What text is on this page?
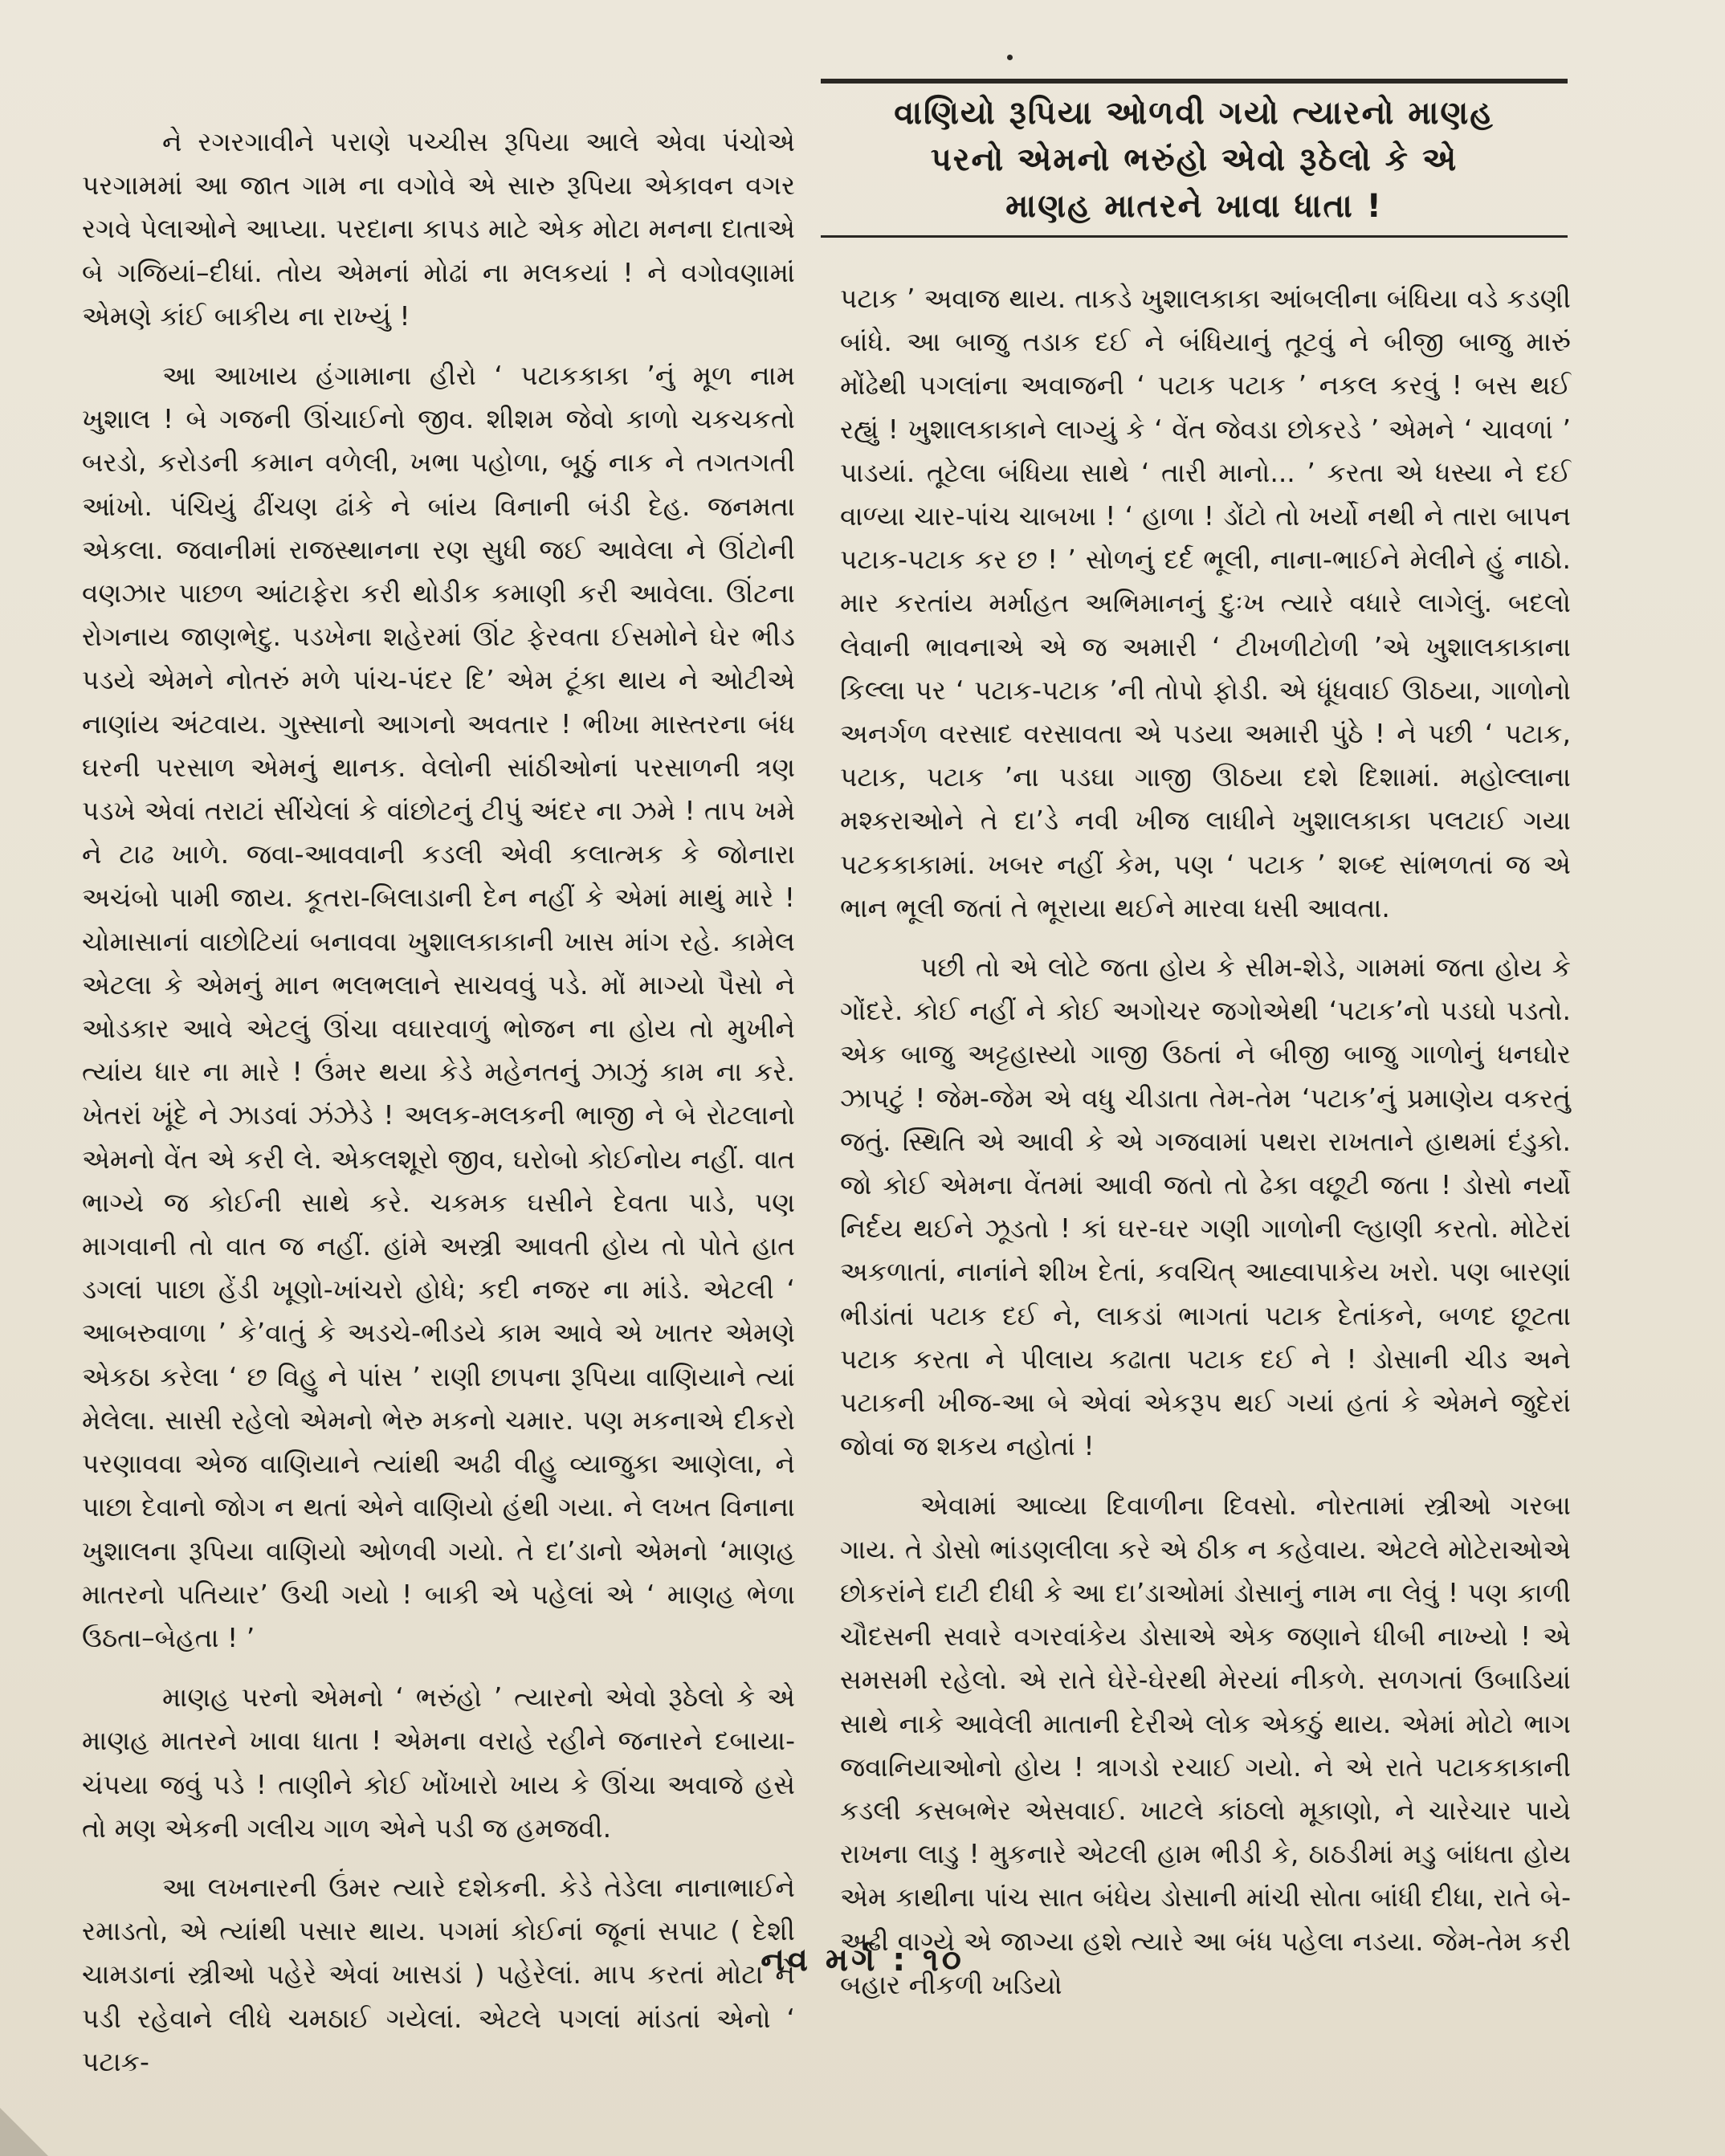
ને રગરગાવીને પરાણે પચ્ચીસ રૂપિયા આલે એવા પંચોએ પરગામમાં આ જાત ગામ ના વગોવે એ સારુ રૂપિયા એકાવન વગર રગવે પેલાઓને આપ્યા. પરદાના કાપડ માટે એક મોટા મનના દાતાએ બે ગજિયાં–દીધાં. તોય એમનાં મોઢાં ના મલકયાં ! ને વગોવણામાં એમણે કાંઈ બાકીય ના રાખ્યું !

આ આખાય હંગામાના હીરો ‘ પટાકકાકા ’નું મૂળ નામ ખુશાલ ! બે ગજની ઊંચાઈનો જીવ. શીશમ જેવો કાળો ચકચકતો બરડો, કરોડની કમાન વળેલી, ખભા પહોળા, બૂઠું નાક ને તગતગતી આંખો. પંચિયું ઢીંચણ ઢાંકે ને બાંય વિનાની બંડી દેહ. જનમતા એકલા. જવાનીમાં રાજસ્થાનના રણ સુધી જઈ આવેલા ને ઊંટોની વણઝાર પાછળ આંટાફેરા કરી થોડીક કમાણી કરી આવેલા. ઊંટના રોગનાય જાણભેદુ. પડખેના શહેરમાં ઊંટ ફેરવતા ઈસમોને ઘેર ભીડ પડયે એમને નોતરું મળે પાંચ-પંદર દિ’ એમ ટૂંકા થાય ને ઓટીએ નાણાંય અંટવાય. ગુસ્સાનો આગનો અવતાર ! ભીખા માસ્તરના બંધ ઘરની પરસાળ એમનું થાનક. વેલોની સાંઠીઓનાં પરસાળની ત્રણ પડખે એવાં તરાટાં સીંચેલાં કે વાંછોટનું ટીપું અંદર ના ઝમે ! તાપ ખમે ને ટાઢ ખાળે. જવા-આવવાની કડલી એવી કલાત્મક કે જોનારા અચંબો પામી જાય. કૂતરા-બિલાડાની દેન નહીં કે એમાં માથું મારે ! ચોમાસાનાં વાછોટિયાં બનાવવા ખુશાલકાકાની ખાસ માંગ રહે. કામેલ એટલા કે એમનું માન ભલભલાને સાચવવું પડે. મોં માગ્યો પૈસો ને ઓડકાર આવે એટલું ઊંચા વઘારવાળું ભોજન ના હોય તો મુખીને ત્યાંય ધાર ના મારે ! ઉંમર થયા કેડે મહેનતનું ઝાઝું કામ ના કરે. ખેતરાં ખૂંદે ને ઝાડવાં ઝંઝેડે ! અલક-મલકની ભાજી ને બે રોટલાનો એમનો વેંત એ કરી લે. એકલશૂરો જીવ, ઘરોબો કોઈનોય નહીં. વાત ભાગ્યે જ કોઈની સાથે કરે. ચકમક ઘસીને દેવતા પાડે, પણ માગવાની તો વાત જ નહીં. હાંમે અસ્ત્રી આવતી હોય તો પોતે હાત ડગલાં પાછા હેંડી ખૂણો-ખાંચરો હોધે; કદી નજર ના માંડે. એટલી ‘ આબરુવાળા ’ કે’વાતું કે અડચે-ભીડયે કામ આવે એ ખાતર એમણે એકઠા કરેલા ‘ છ વિહુ ને પાંસ ’ રાણી છાપના રૂપિયા વાણિયાને ત્યાં મેલેલા. સાસી રહેલો એમનો ભેરુ મકનો ચમાર. પણ મકનાએ દીકરો પરણાવવા એજ વાણિયાને ત્યાંથી અઢી વીહુ વ્યાજુકા આણેલા, ને પાછા દેવાનો જોગ ન થતાં એને વાણિયો હંથી ગયા. ને લખત વિનાના ખુશાલના રૂપિયા વાણિયો ઓળવી ગયો. તે દા’ડાનો એમનો ‘માણહ માતરનો પતિયાર’ ઉચી ગયો ! બાકી એ પહેલાં એ ‘ માણહ ભેળા ઉઠતા–બેહતા ! ’

માણહ પરનો એમનો ‘ ભરુંહો ’ ત્યારનો એવો રૂઠેલો કે એ માણહ માતરને ખાવા ધાતા ! એમના વરાહે રહીને જનારને દબાયા-ચંપયા જવું પડે ! તાણીને કોઈ ખોંખારો ખાય કે ઊંચા અવાજે હસે તો મણ એકની ગલીચ ગાળ એને પડી જ હમજવી.

આ લખનારની ઉંમર ત્યારે દશેકની. કેડે તેડેલા નાનાભાઈને રમાડતો, એ ત્યાંથી પસાર થાય. પગમાં કોઈનાં જૂનાં સપાટ ( દેશી ચામડાનાં સ્ત્રીઓ પહેરે એવાં ખાસડાં ) પહેરેલાં. માપ કરતાં મોટા ને પડી રહેવાને લીધે ચમઠાઈ ગયેલાં. એટલે પગલાં માંડતાં એનો ‘ પટાક-

વાણિયો રૂપિયા ઓળવી ગયો ત્યારનો માણહ
પરનો એમનો ભરુંહો એવો રૂઠેલો કે એ
માણહ માતરને ખાવા ધાતા !

પટાક ’ અવાજ થાય. તાકડે ખુશાલકાકા આંબલીના બંધિયા વડે કડણી બાંધે. આ બાજુ તડાક દઈ ને બંધિયાનું તૂટવું ને બીજી બાજુ મારું મોંઢેથી પગલાંના અવાજની ‘ પટાક પટાક ’ નકલ કરવું ! બસ થઈ રહ્યું ! ખુશાલકાકાને લાગ્યું કે ‘ વેંત જેવડા છોકરડે ’ એમને ‘ ચાવળાં ’ પાડયાં. તૂટેલા બંધિયા સાથે ‘ તારી માનો... ’ કરતા એ ધસ્યા ને દઈ વાળ્યા ચાર-પાંચ ચાબખા ! ‘ હાળા ! ડોંટો તો ખર્યો નથી ને તારા બાપન પટાક-પટાક કર છ ! ’ સોળનું દર્દ ભૂલી, નાના-ભાઈને મેલીને હું નાઠો. માર કરતાંય મર્માહત અભિમાનનું દુઃખ ત્યારે વધારે લાગેલું. બદલો લેવાની ભાવનાએ એ જ અમારી ‘ ટીખળીટોળી ’એ ખુશાલકાકાના કિલ્લા પર ‘ પટાક-પટાક ’ની તોપો ફોડી. એ ધૂંધવાઈ ઊઠયા, ગાળોનો અનર્ગળ વરસાદ વરસાવતા એ પડયા અમારી પુંઠે ! ને પછી ‘ પટાક, પટાક, પટાક ’ના પડઘા ગાજી ઊઠયા દશે દિશામાં. મહોલ્લાના મશ્કરાઓને તે દા’ડે નવી ખીજ લાધીને ખુશાલકાકા પલટાઈ ગયા પટકકાકામાં. ખબર નહીં કેમ, પણ ‘ પટાક ’ શબ્દ સાંભળતાં જ એ ભાન ભૂલી જતાં તે ભૂરાયા થઈને મારવા ધસી આવતા.

પછી તો એ લોટે જતા હોય કે સીમ-શેડે, ગામમાં જતા હોય કે ગોંદરે. કોઈ નહીં ને કોઈ અગોચર જગોએથી ‘પટાક’નો પડઘો પડતો. એક બાજુ અટ્ટહાસ્યો ગાજી ઉઠતાં ને બીજી બાજુ ગાળોનું ધનઘોર ઝાપટું ! જેમ-જેમ એ વધુ ચીડાતા તેમ-તેમ ‘પટાક’નું પ્રમાણેય વકરતું જતું. સ્થિતિ એ આવી કે એ ગજવામાં પથરા રાખતાને હાથમાં દંડુકો. જો કોઈ એમના વેંતમાં આવી જતો તો ઢેકા વછૂટી જતા ! ડોસો નર્યો નિર્દય થઈને ઝૂડતો ! કાં ઘર-ઘર ગણી ગાળોની લ્હાણી કરતો. મોટેરાં અકળાતાં, નાનાંને શીખ દેતાં, કવચિત્ આહ્વાપાકેય ખરો. પણ બારણાં ભીડાંતાં પટાક દઈ ને, લાકડાં ભાગતાં પટાક દેતાંકને, બળદ છૂટતા પટાક કરતા ને પીલાય કઢાતા પટાક દઈ ને ! ડોસાની ચીડ અને પટાકની ખીજ-આ બે એવાં એકરૂપ થઈ ગયાં હતાં કે એમને જુદેરાં જોવાં જ શકય નહોતાં !

એવામાં આવ્યા દિવાળીના દિવસો. નોરતામાં સ્ત્રીઓ ગરબા ગાય. તે ડોસો ભાંડણલીલા કરે એ ઠીક ન કહેવાય. એટલે મોટેરાઓએ છોકરાંને દાટી દીધી કે આ દા’ડાઓમાં ડોસાનું નામ ના લેવું ! પણ કાળી ચૌદસની સવારે વગરવાંકેય ડોસાએ એક જણાને ધીબી નાખ્યો ! એ સમસમી રહેલો. એ રાતે ઘેરે-ઘેરથી મેરયાં નીકળે. સળગતાં ઉબાડિયાં સાથે નાકે આવેલી માતાની દેરીએ લોક એકઠું થાય. એમાં મોટો ભાગ જવાનિયાઓનો હોય ! ત્રાગડો રચાઈ ગયો. ને એ રાતે પટાકકાકાની કડલી કસબભેર એસવાઈ. ખાટલે કાંઠલો મૂકાણો, ને ચારેચાર પાયે રાખના લાડુ ! મુકનારે એટલી હામ ભીડી કે, ઠાઠડીમાં મડુ બાંધતા હોય એમ કાથીના પાંચ સાત બંધેય ડોસાની માંચી સોતા બાંધી દીધા, રાતે બે-અઢી વાગ્યે એ જાગ્યા હશે ત્યારે આ બંધ પહેલા નડયા. જેમ-તેમ કરી બહાર નીકળી ખડિયો

નવ મર્ગ : ૧૦
